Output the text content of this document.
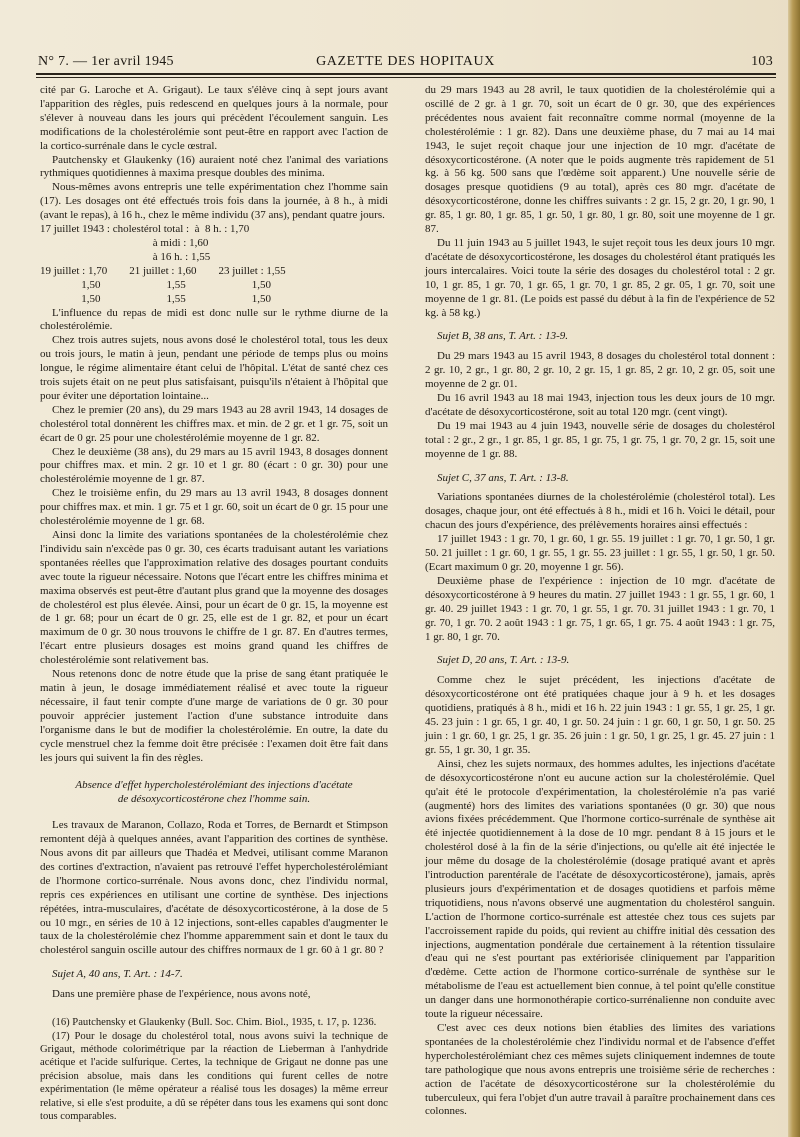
N° 7. — 1er avril 1945	GAZETTE DES HOPITAUX	103

cité par G. Laroche et A. Grigaut). Le taux s'élève cinq à sept jours avant l'apparition des règles, puis redescend en quelques jours à la normale, pour s'élever à nouveau dans les jours qui précèdent l'écoulement sanguin. Les modifications de la cholestérolémie sont peut-être en rapport avec l'action de la cortico-surrénale dans le cycle œstral.

Pautchensky et Glaukenky (16) auraient noté chez l'animal des variations rythmiques quotidiennes à maxima presque doubles des minima.

Nous-mêmes avons entrepris une telle expérimentation chez l'homme sain (17). Les dosages ont été effectués trois fois dans la journée, à 8 h., à midi (avant le repas), à 16 h., chez le même individu (37 ans), pendant quatre jours.

17 juillet 1943 : cholestérol total :  à  8 h. : 1,70

à midi : 1,60

à 16 h. : 1,55

19 juillet : 1,70        21 juillet : 1,60        23 juillet : 1,55

1,50                        1,55                        1,50

1,50                        1,55                        1,50

L'influence du repas de midi est donc nulle sur le rythme diurne de la cholestérolémie.

Chez trois autres sujets, nous avons dosé le cholestérol total, tous les deux ou trois jours, le matin à jeun, pendant une période de temps plus ou moins longue, le régime alimentaire étant celui de l'hôpital. L'état de santé chez ces trois sujets était on ne peut plus satisfaisant, puisqu'ils n'étaient à l'hôpital que pour éviter une déportation lointaine...

Chez le premier (20 ans), du 29 mars 1943 au 28 avril 1943, 14 dosages de cholestérol total donnèrent les chiffres max. et min. de 2 gr. et 1 gr. 75, soit un écart de 0 gr. 25 pour une cholestérolémie moyenne de 1 gr. 82.

Chez le deuxième (38 ans), du 29 mars au 15 avril 1943, 8 dosages donnent pour chiffres max. et min. 2 gr. 10 et 1 gr. 80 (écart : 0 gr. 30) pour une cholestérolémie moyenne de 1 gr. 87.

Chez le troisième enfin, du 29 mars au 13 avril 1943, 8 dosages donnent pour chiffres max. et min. 1 gr. 75 et 1 gr. 60, soit un écart de 0 gr. 15 pour une cholestérolémie moyenne de 1 gr. 68.

Ainsi donc la limite des variations spontanées de la cholestérolémie chez l'individu sain n'excède pas 0 gr. 30, ces écarts traduisant autant les variations spontanées réelles que l'approximation relative des dosages pourtant conduits avec toute la rigueur nécessaire. Notons que l'écart entre les chiffres minima et maxima observés est peut-être d'autant plus grand que la moyenne des dosages de cholestérol est plus élevée. Ainsi, pour un écart de 0 gr. 15, la moyenne est de 1 gr. 68; pour un écart de 0 gr. 25, elle est de 1 gr. 82, et pour un écart maximum de 0 gr. 30 nous trouvons le chiffre de 1 gr. 87. En d'autres termes, l'écart entre plusieurs dosages est moins grand quand les chiffres de cholestérolémie sont relativement bas.

Nous retenons donc de notre étude que la prise de sang étant pratiquée le matin à jeun, le dosage immédiatement réalisé et avec toute la rigueur nécessaire, il faut tenir compte d'une marge de variations de 0 gr. 30 pour pouvoir apprécier justement l'action d'une substance introduite dans l'organisme dans le but de modifier la cholestérolémie. En outre, la date du cycle menstruel chez la femme doit être précisée : l'examen doit être fait dans les jours qui suivent la fin des règles.

Absence d'effet hypercholestérolémiant des injections d'acétate
de désoxycorticostérone chez l'homme sain.

Les travaux de Maranon, Collazo, Roda et Torres, de Bernardt et Stimpson remontent déjà à quelques années, avant l'apparition des cortines de synthèse. Nous avons dit par ailleurs que Thadéa et Medvei, utilisant comme Maranon des cortines d'extraction, n'avaient pas retrouvé l'effet hypercholestérolémiant de l'hormone cortico-surrénale. Nous avons donc, chez l'individu normal, repris ces expériences en utilisant une cortine de synthèse. Des injections répétées, intra-musculaires, d'acétate de désoxycorticostérone, à la dose de 5 ou 10 mgr., en séries de 10 à 12 injections, sont-elles capables d'augmenter le taux de la cholestérolémie chez l'homme apparemment sain et dont le taux du cholestérol sanguin oscille autour des chiffres normaux de 1 gr. 60 à 1 gr. 80 ?

Sujet A, 40 ans, T. Art. : 14-7.

Dans une première phase de l'expérience, nous avons noté,

(16) Pautchensky et Glaukenky (Bull. Soc. Chim. Biol., 1935, t. 17, p. 1236.

(17) Pour le dosage du cholestérol total, nous avons suivi la technique de Grigaut, méthode colorimétrique par la réaction de Lieberman à l'anhydride acétique et l'acide sulfurique. Certes, la technique de Grigaut ne donne pas une précision absolue, mais dans les conditions qui furent celles de notre expérimentation (le même opérateur a réalisé tous les dosages) la même erreur relative, si elle s'est produite, a dû se répéter dans tous les examens qui sont donc tous comparables.

du 29 mars 1943 au 28 avril, le taux quotidien de la cholestérolémie qui a oscillé de 2 gr. à 1 gr. 70, soit un écart de 0 gr. 30, que des expériences précédentes nous avaient fait reconnaître comme normal (moyenne de la cholestérolémie : 1 gr. 82). Dans une deuxième phase, du 7 mai au 14 mai 1943, le sujet reçoit chaque jour une injection de 10 mgr. d'acétate de désoxycorticostérone. (A noter que le poids augmente très rapidement de 51 kg. à 56 kg. 500 sans que l'œdème soit apparent.) Une nouvelle série de dosages presque quotidiens (9 au total), après ces 80 mgr. d'acétate de désoxycorticostérone, donne les chiffres suivants : 2 gr. 15, 2 gr. 20, 1 gr. 90, 1 gr. 85, 1 gr. 80, 1 gr. 85, 1 gr. 50, 1 gr. 80, 1 gr. 80, soit une moyenne de 1 gr. 87.

Du 11 juin 1943 au 5 juillet 1943, le sujet reçoit tous les deux jours 10 mgr. d'acétate de désoxycorticostérone, les dosages du cholestérol étant pratiqués les jours intercalaires. Voici toute la série des dosages du cholestérol total : 2 gr. 10, 1 gr. 85, 1 gr. 70, 1 gr. 65, 1 gr. 70, 1 gr. 85, 2 gr. 05, 1 gr. 70, soit une moyenne de 1 gr. 81. (Le poids est passé du début à la fin de l'expérience de 52 kg. à 58 kg.)

Sujet B, 38 ans, T. Art. : 13-9.

Du 29 mars 1943 au 15 avril 1943, 8 dosages du cholestérol total donnent : 2 gr. 10, 2 gr., 1 gr. 80, 2 gr. 10, 2 gr. 15, 1 gr. 85, 2 gr. 10, 2 gr. 05, soit une moyenne de 2 gr. 01.

Du 16 avril 1943 au 18 mai 1943, injection tous les deux jours de 10 mgr. d'acétate de désoxycorticostérone, soit au total 120 mgr. (cent vingt).

Du 19 mai 1943 au 4 juin 1943, nouvelle série de dosages du cholestérol total : 2 gr., 2 gr., 1 gr. 85, 1 gr. 85, 1 gr. 75, 1 gr. 75, 1 gr. 70, 2 gr. 15, soit une moyenne de 1 gr. 88.

Sujet C, 37 ans, T. Art. : 13-8.

Variations spontanées diurnes de la cholestérolémie (cholestérol total). Les dosages, chaque jour, ont été effectués à 8 h., midi et 16 h. Voici le détail, pour chacun des jours d'expérience, des prélèvements horaires ainsi effectués :

17 juillet 1943 : 1 gr. 70, 1 gr. 60, 1 gr. 55. 19 juillet : 1 gr. 70, 1 gr. 50, 1 gr. 50. 21 juillet : 1 gr. 60, 1 gr. 55, 1 gr. 55. 23 juillet : 1 gr. 55, 1 gr. 50, 1 gr. 50. (Ecart maximum 0 gr. 20, moyenne 1 gr. 56).

Deuxième phase de l'expérience : injection de 10 mgr. d'acétate de désoxycorticostérone à 9 heures du matin. 27 juillet 1943 : 1 gr. 55, 1 gr. 60, 1 gr. 40. 29 juillet 1943 : 1 gr. 70, 1 gr. 55, 1 gr. 70. 31 juillet 1943 : 1 gr. 70, 1 gr. 70, 1 gr. 70. 2 août 1943 : 1 gr. 75, 1 gr. 65, 1 gr. 75. 4 août 1943 : 1 gr. 75, 1 gr. 80, 1 gr. 70.

Sujet D, 20 ans, T. Art. : 13-9.

Comme chez le sujet précédent, les injections d'acétate de désoxycorticostérone ont été pratiquées chaque jour à 9 h. et les dosages quotidiens, pratiqués à 8 h., midi et 16 h. 22 juin 1943 : 1 gr. 55, 1 gr. 25, 1 gr. 45. 23 juin : 1 gr. 65, 1 gr. 40, 1 gr. 50. 24 juin : 1 gr. 60, 1 gr. 50, 1 gr. 50. 25 juin : 1 gr. 60, 1 gr. 25, 1 gr. 35. 26 juin : 1 gr. 50, 1 gr. 25, 1 gr. 45. 27 juin : 1 gr. 55, 1 gr. 30, 1 gr. 35.

Ainsi, chez les sujets normaux, des hommes adultes, les injections d'acétate de désoxycorticostérone n'ont eu aucune action sur la cholestérolémie. Quel qu'ait été le protocole d'expérimentation, la cholestérolémie n'a pas varié (augmenté) hors des limites des variations spontanées (0 gr. 30) que nous avions fixées précédemment. Que l'hormone cortico-surrénale de synthèse ait été injectée quotidiennement à la dose de 10 mgr. pendant 8 à 15 jours et le cholestérol dosé à la fin de la série d'injections, ou qu'elle ait été injectée le jour même du dosage de la cholestérolémie (dosage pratiqué avant et après l'introduction parentérale de l'acétate de désoxycorticostérone), jamais, après plusieurs jours d'expérimentation et de dosages quotidiens et parfois même triquotidiens, nous n'avons observé une augmentation du cholestérol sanguin. L'action de l'hormone cortico-surrénale est attestée chez tous ces sujets par l'accroissement rapide du poids, qui revient au chiffre initial dès cessation des injections, augmentation pondérale due certainement à la rétention tissulaire d'eau qui ne s'est pourtant pas extériorisée cliniquement par l'apparition d'œdème. Cette action de l'hormone cortico-surrénale de synthèse sur le métabolisme de l'eau est actuellement bien connue, à tel point qu'elle constitue un danger dans une hormonothérapie cortico-surrénalienne non conduite avec toute la rigueur nécessaire.

C'est avec ces deux notions bien établies des limites des variations spontanées de la cholestérolémie chez l'individu normal et de l'absence d'effet hypercholestérolémiant chez ces mêmes sujets cliniquement indemnes de toute tare pathologique que nous avons entrepris une troisième série de recherches : action de l'acétate de désoxycorticostérone sur la cholestérolémie du tuberculeux, qui fera l'objet d'un autre travail à paraître prochainement dans ces colonnes.
